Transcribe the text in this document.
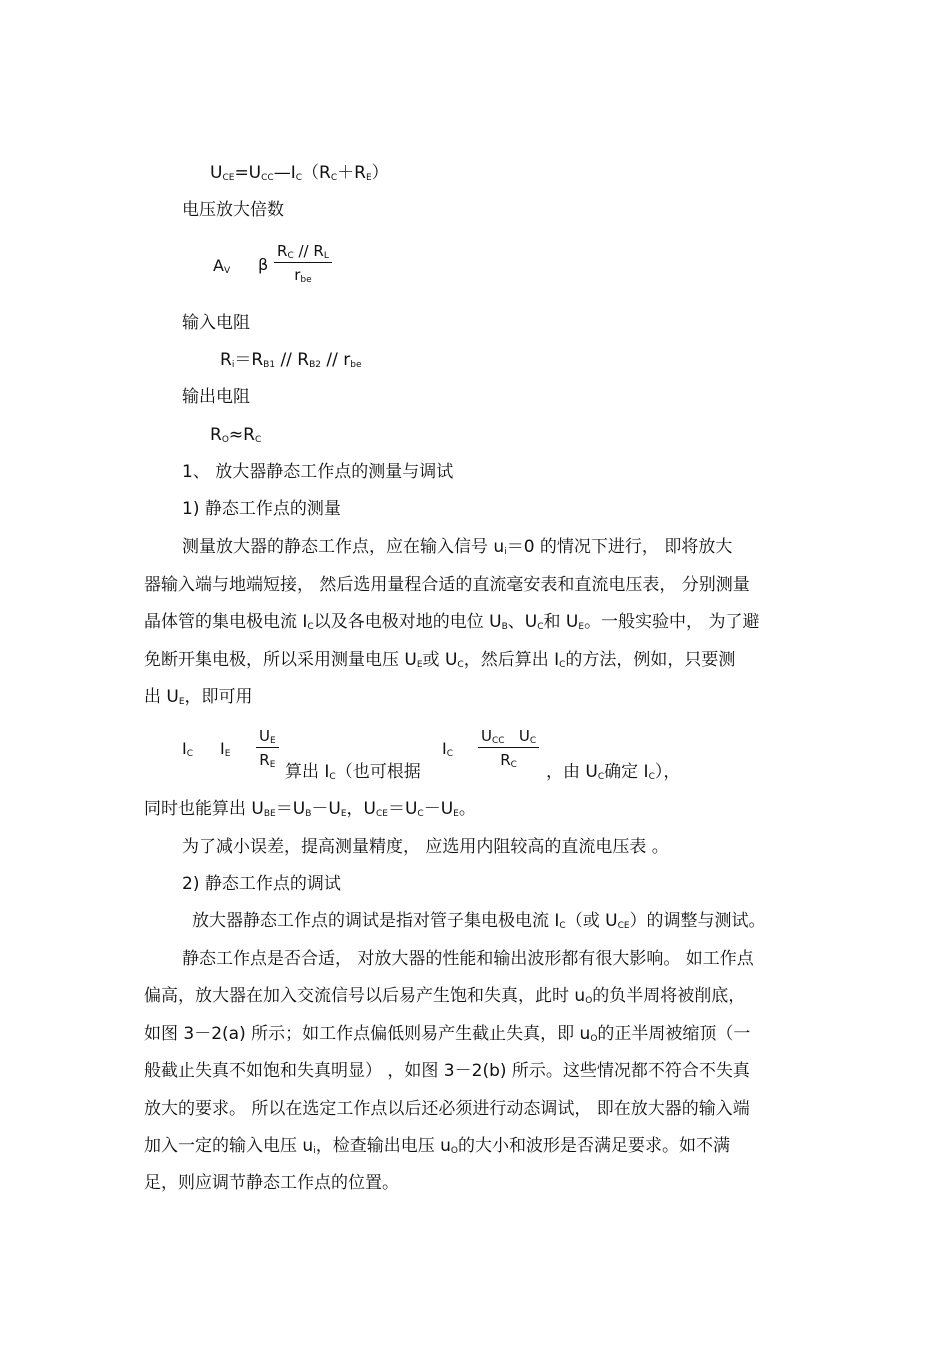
$U_{CE}=U_{CC}—I_C(R_C+R_E)$
电压放大倍数
$A_V$ β
$R_C // R_L$
$r_{be}$
输入电阻
$R_i=R_{B1} // R_{B2} // r_{be}$
输出电阻
$R_O\approx R_C$
1、 放大器静态工作点的测量与调试
1) 静态工作点的测量
测量放大器的静态工作点，应在输入信号 $u_i=0$ 的情况下进行， 即将放大
器输入端与地端短接， 然后选用量程合适的直流毫安表和直流电压表， 分别测量
晶体管的集电极电流 $I_C$以及各电极对地的电位 $U_B$、$U_C$和 $U_E$。一般实验中， 为了避
免断开集电极，所以采用测量电压 $U_E$或 $U_C$，然后算出 $I_C$的方法，例如，只要测
出 $U_E$，即可用
$I_C$ $I_E \frac{U_E}{R_E}$
算出 $I_C$（也可根据
$I_C$
$U_{CC}$ $U_C$
$R_C$	，由 $U_C$确定 $I_C$），
同时也能算出 $U_{BE}=U_B-U_E$，$U_{CE}=U_C-U_E$。
为了减小误差，提高测量精度， 应选用内阻较高的直流电压表 。
2) 静态工作点的调试
放大器静态工作点的调试是指对管子集电极电流 $I_C$（或 $U_{CE}$）的调整与测试。
静态工作点是否合适， 对放大器的性能和输出波形都有很大影响。 如工作点
偏高，放大器在加入交流信号以后易产生饱和失真，此时 $u_O$的负半周将被削底，
如图 3－2(a) 所示；如工作点偏低则易产生截止失真，即 $u_O$的正半周被缩顶（一
般截止失真不如饱和失真明显） ，如图 3－2(b) 所示。这些情况都不符合不失真
放大的要求。 所以在选定工作点以后还必须进行动态调试， 即在放大器的输入端
加入一定的输入电压 $u_i$，检查输出电压 $u_O$的大小和波形是否满足要求。如不满
足，则应调节静态工作点的位置。
